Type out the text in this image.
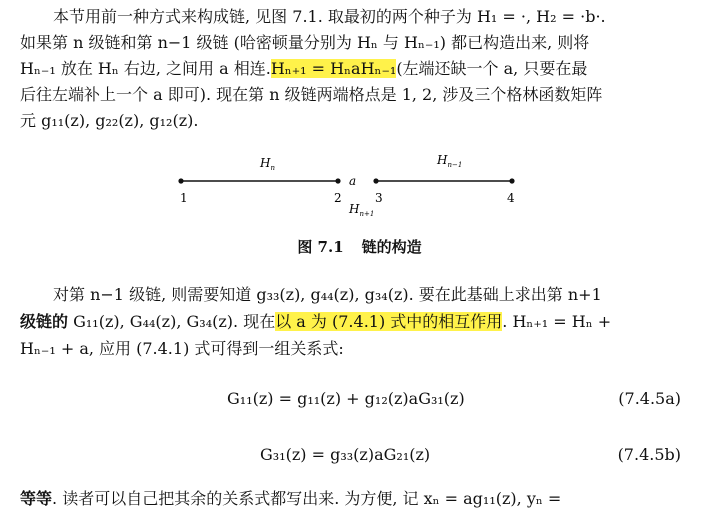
本节用前一种方式来构成链, 见图 7.1. 取最初的两个种子为 H₁ = ·, H₂ = ·b·.
如果第 n 级链和第 n−1 级链 (哈密顿量分别为 Hₙ 与 Hₙ₋₁) 都已构造出来, 则将
Hₙ₋₁ 放在 Hₙ 右边, 之间用 a 相连.Hₙ₊₁ = HₙaHₙ₋₁(左端还缺一个 a, 只要在最
后往左端补上一个 a 即可). 现在第 n 级链两端格点是 1, 2, 涉及三个格林函数矩阵
元 g₁₁(z), g₂₂(z), g₁₂(z).
$H_n$
$H_{n-1}$
a
$H_{n+1}$
1	2	3	4
图 7.1 链的构造
对第 n−1 级链, 则需要知道 g₃₃(z), g₄₄(z), g₃₄(z). 要在此基础上求出第 n+1
级链的 G₁₁(z), G₄₄(z), G₃₄(z). 现在以 a 为 (7.4.1) 式中的相互作用. Hₙ₊₁ = Hₙ +
Hₙ₋₁ + a, 应用 (7.4.1) 式可得到一组关系式:
G₁₁(z) = g₁₁(z) + g₁₂(z)aG₃₁(z)	(7.4.5a)
G₃₁(z) = g₃₃(z)aG₂₁(z)	(7.4.5b)
等等. 读者可以自己把其余的关系式都写出来. 为方便, 记 xₙ = ag₁₁(z), yₙ =
